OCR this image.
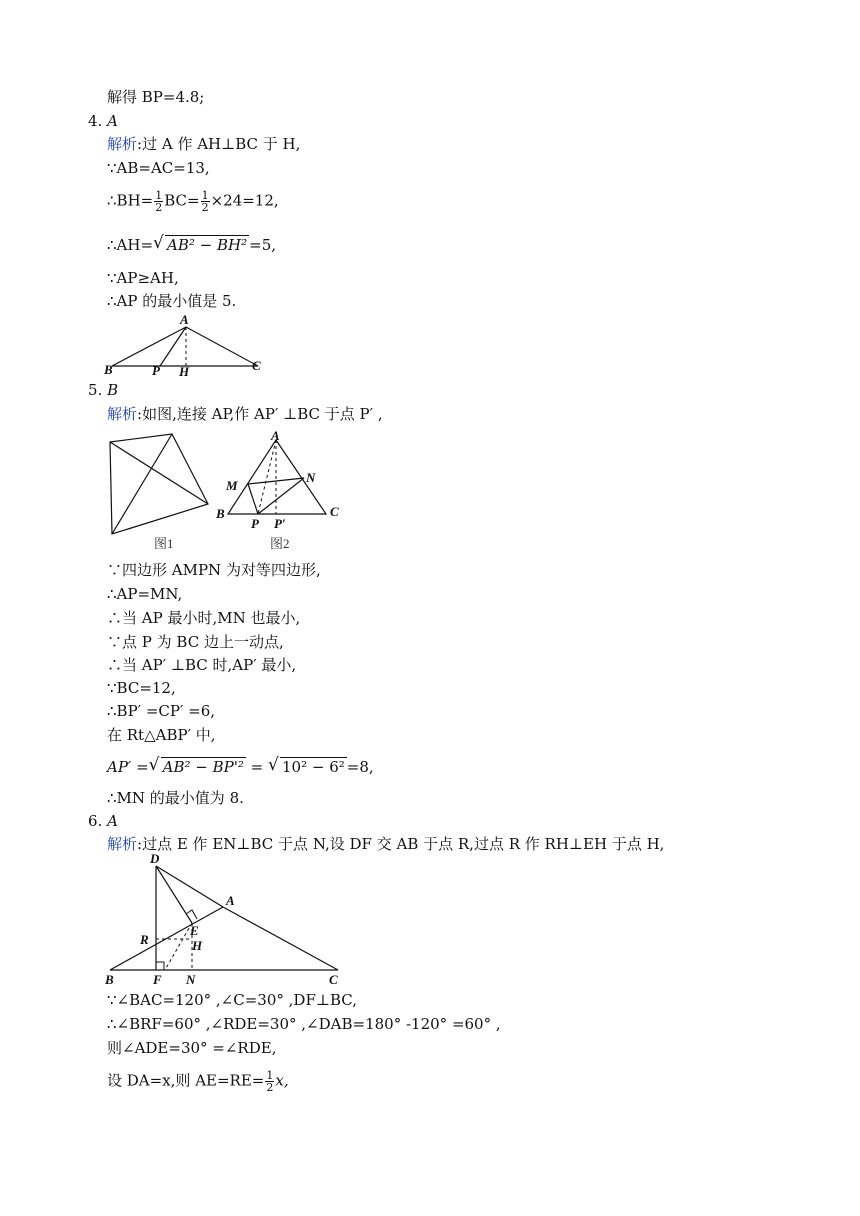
解得 BP=4.8;
4. A
解析:过 A 作 AH⊥BC 于 H,
∵AB=AC=13,
∴BH= $\frac{1}{2} BC= \frac{1}{2} \times 24=12$,
∴AH= √ AB² − BH² =5,
∵AP≥AH,
∴AP 的最小值是 5.
A
B	C
P H
5. B
解析:如图,连接 AP,作 AP′ ⊥BC 于点 P′ ,
图1
A
B	C
M
N
P P′
图2
∵四边形 AMPN 为对等四边形,
∴AP=MN,
∴当 AP 最小时,MN 也最小,
∵点 P 为 BC 边上一动点,
∴当 AP′ ⊥BC 时,AP′ 最小,
∵BC=12,
∴BP′ =CP′ =6,
在 Rt△ABP′ 中,
AP′ = √ AB² − BP'² = √ 10² − 6² =8,
∴MN 的最小值为 8.
6. A
解析:过点 E 作 EN⊥BC 于点 N,设 DF 交 AB 于点 R,过点 R 作 RH⊥EH 于点 H,
D
A
E
R	H
B	F N	C
∵∠BAC=120° ,∠C=30° ,DF⊥BC,
∴∠BRF=60° ,∠RDE=30° ,∠DAB=180° -120° =60° ,
则∠ADE=30° =∠RDE,
设 DA=x,则 $AE=RE= \frac{1}{2} x$,
